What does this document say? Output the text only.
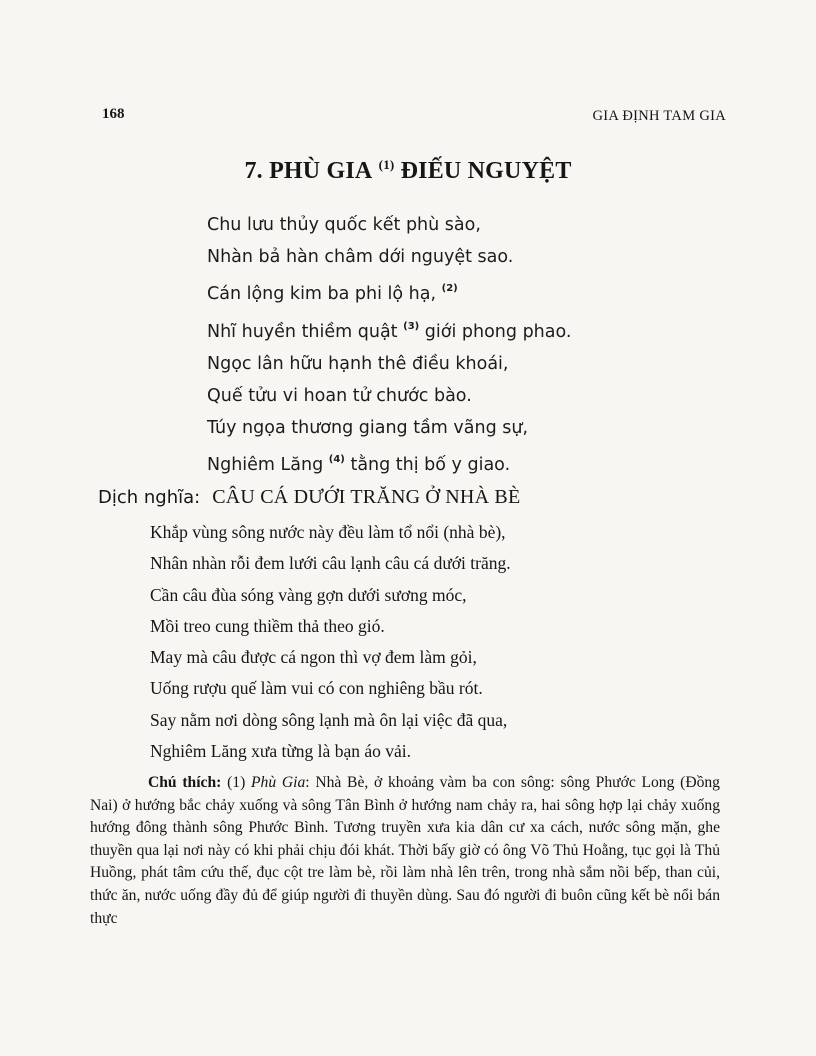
168	GIA ĐỊNH TAM GIA
7. PHÙ GIA $^{(1)}$ ĐIẾU NGUYỆT
Chu lưu thủy quốc kết phù sào,
Nhàn bả hàn châm dới nguyệt sao.
Cán lộng kim ba phi lộ hạ, $^{(2)}$
Nhĩ huyền thiềm quật $^{(3)}$ giới phong phao.
Ngọc lân hữu hạnh thê điều khoái,
Quế tửu vi hoan tử chước bào.
Túy ngọa thương giang tầm vãng sự,
Nghiêm Lăng $^{(4)}$ tằng thị bố y giao.
Dịch nghĩa: CÂU CÁ DƯỚI TRĂNG Ở NHÀ BÈ
Khắp vùng sông nước này đều làm tổ nổi (nhà bè),
Nhân nhàn rỗi đem lưới câu lạnh câu cá dưới trăng.
Cần câu đùa sóng vàng gợn dưới sương móc,
Mồi treo cung thiềm thả theo gió.
May mà câu được cá ngon thì vợ đem làm gỏi,
Uống rượu quế làm vui có con nghiêng bầu rót.
Say nằm nơi dòng sông lạnh mà ôn lại việc đã qua,
Nghiêm Lăng xưa từng là bạn áo vải.

Chú thích: (1) Phù Gia: Nhà Bè, ở khoảng vàm ba con sông: sông Phước Long (Đồng Nai) ở hướng bắc chảy xuống và sông Tân Bình ở hướng nam chảy ra, hai sông hợp lại chảy xuống hướng đông thành sông Phước Bình. Tương truyền xưa kia dân cư xa cách, nước sông mặn, ghe thuyền qua lại nơi này có khi phải chịu đói khát. Thời bấy giờ có ông Võ Thủ Hoằng, tục gọi là Thủ Huồng, phát tâm cứu thế, đục cột tre làm bè, rồi làm nhà lên trên, trong nhà sắm nồi bếp, than củi, thức ăn, nước uống đầy đủ để giúp người đi thuyền dùng. Sau đó người đi buôn cũng kết bè nổi bán thực
